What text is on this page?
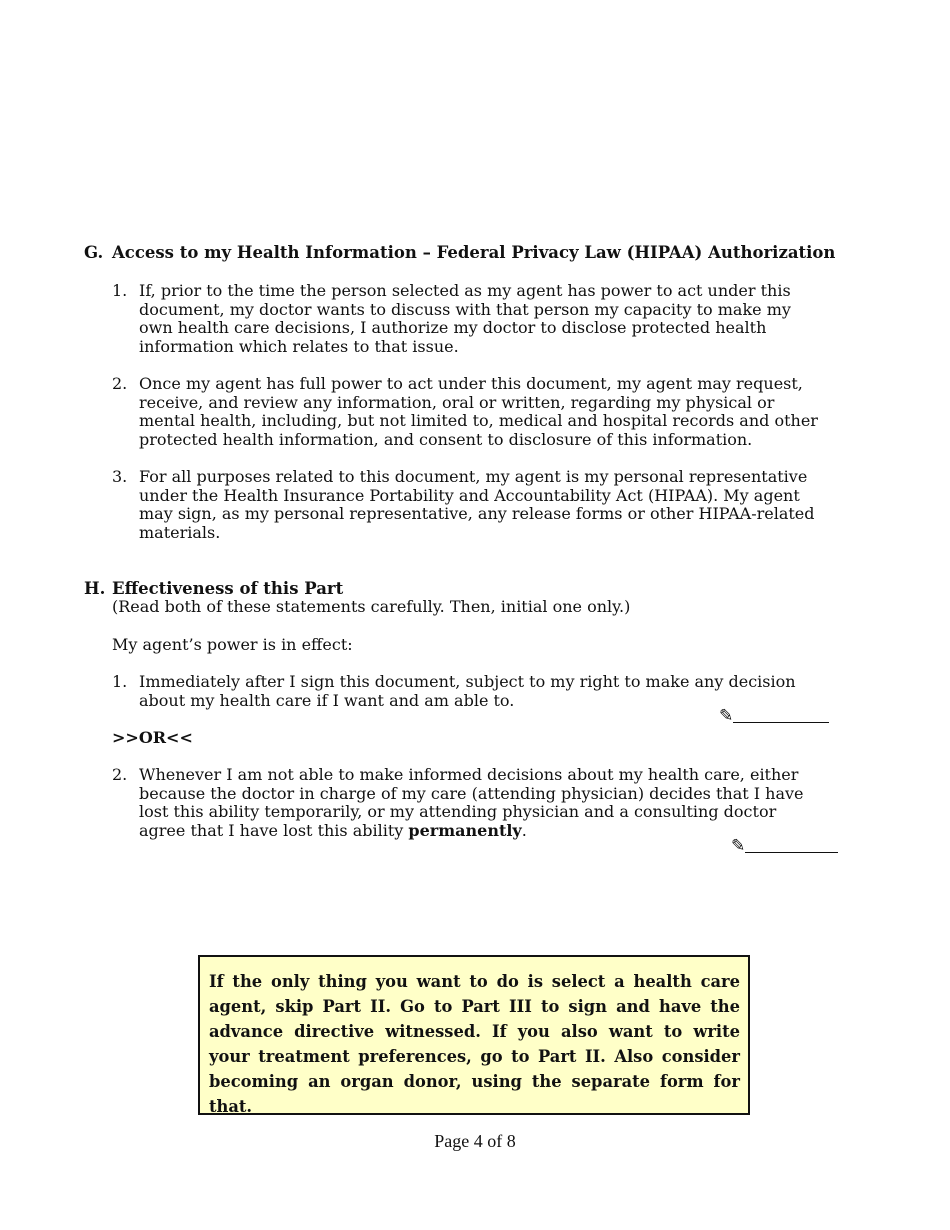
G. Access to my Health Information – Federal Privacy Law (HIPAA) Authorization
1. If, prior to the time the person selected as my agent has power to act under this document, my doctor wants to discuss with that person my capacity to make my own health care decisions, I authorize my doctor to disclose protected health information which relates to that issue.
2. Once my agent has full power to act under this document, my agent may request, receive, and review any information, oral or written, regarding my physical or mental health, including, but not limited to, medical and hospital records and other protected health information, and consent to disclosure of this information.
3. For all purposes related to this document, my agent is my personal representative under the Health Insurance Portability and Accountability Act (HIPAA). My agent may sign, as my personal representative, any release forms or other HIPAA-related materials.
H. Effectiveness of this Part
(Read both of these statements carefully. Then, initial one only.)
My agent’s power is in effect:
1. Immediately after I sign this document, subject to my right to make any decision about my health care if I want and am able to.
✎
>>OR<<
2. Whenever I am not able to make informed decisions about my health care, either because the doctor in charge of my care (attending physician) decides that I have lost this ability temporarily, or my attending physician and a consulting doctor agree that I have lost this ability permanently.
✎
If the only thing you want to do is select a health care agent, skip Part II. Go to Part III to sign and have the advance directive witnessed. If you also want to write your treatment preferences, go to Part II. Also consider becoming an organ donor, using the separate form for that.
Page 4 of 8
